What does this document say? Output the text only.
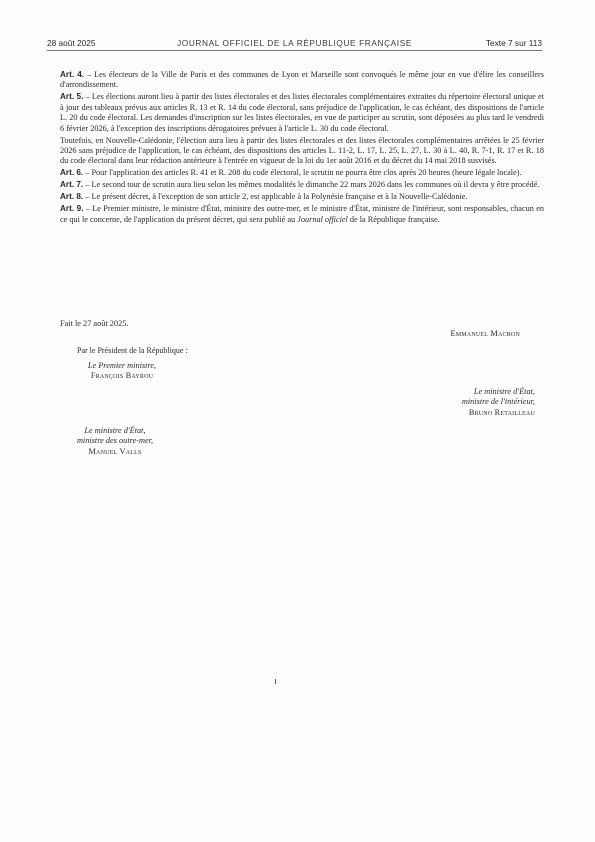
28 août 2025	JOURNAL OFFICIEL DE LA RÉPUBLIQUE FRANÇAISE	Texte 7 sur 113

Art. 4. – Les électeurs de la Ville de Paris et des communes de Lyon et Marseille sont convoqués le même jour en vue d'élire les conseillers d'arrondissement.

Art. 5. – Les élections auront lieu à partir des listes électorales et des listes électorales complémentaires extraites du répertoire électoral unique et à jour des tableaux prévus aux articles R. 13 et R. 14 du code électoral, sans préjudice de l'application, le cas échéant, des dispositions de l'article L. 20 du code électoral. Les demandes d'inscription sur les listes électorales, en vue de participer au scrutin, sont déposées au plus tard le vendredi 6 février 2026, à l'exception des inscriptions dérogatoires prévues à l'article L. 30 du code électoral.

Toutefois, en Nouvelle-Calédonie, l'élection aura lieu à partir des listes électorales et des listes électorales complémentaires arrêtées le 25 février 2026 sans préjudice de l'application, le cas échéant, des dispositions des articles L. 11-2, L. 17, L. 25, L. 27, L. 30 à L. 40, R. 7-1, R. 17 et R. 18 du code électoral dans leur rédaction antérieure à l'entrée en vigueur de la loi du 1er août 2016 et du décret du 14 mai 2018 susvisés.

Art. 6. – Pour l'application des articles R. 41 et R. 208 du code électoral, le scrutin ne pourra être clos après 20 heures (heure légale locale).

Art. 7. – Le second tour de scrutin aura lieu selon les mêmes modalités le dimanche 22 mars 2026 dans les communes où il devra y être procédé.

Art. 8. – Le présent décret, à l'exception de son article 2, est applicable à la Polynésie française et à la Nouvelle-Calédonie.

Art. 9. – Le Premier ministre, le ministre d'État, ministre des outre-mer, et le ministre d'État, ministre de l'intérieur, sont responsables, chacun en ce qui le concerne, de l'application du présent décret, qui sera publié au Journal officiel de la République française.

Fait le 27 août 2025.
Emmanuel Macron
Par le Président de la République :
Le Premier ministre,
François Bayrou
Le ministre d'État,
ministre de l'intérieur,
Bruno Retailleau
Le ministre d'État,
ministre des outre-mer,
Manuel Valls
